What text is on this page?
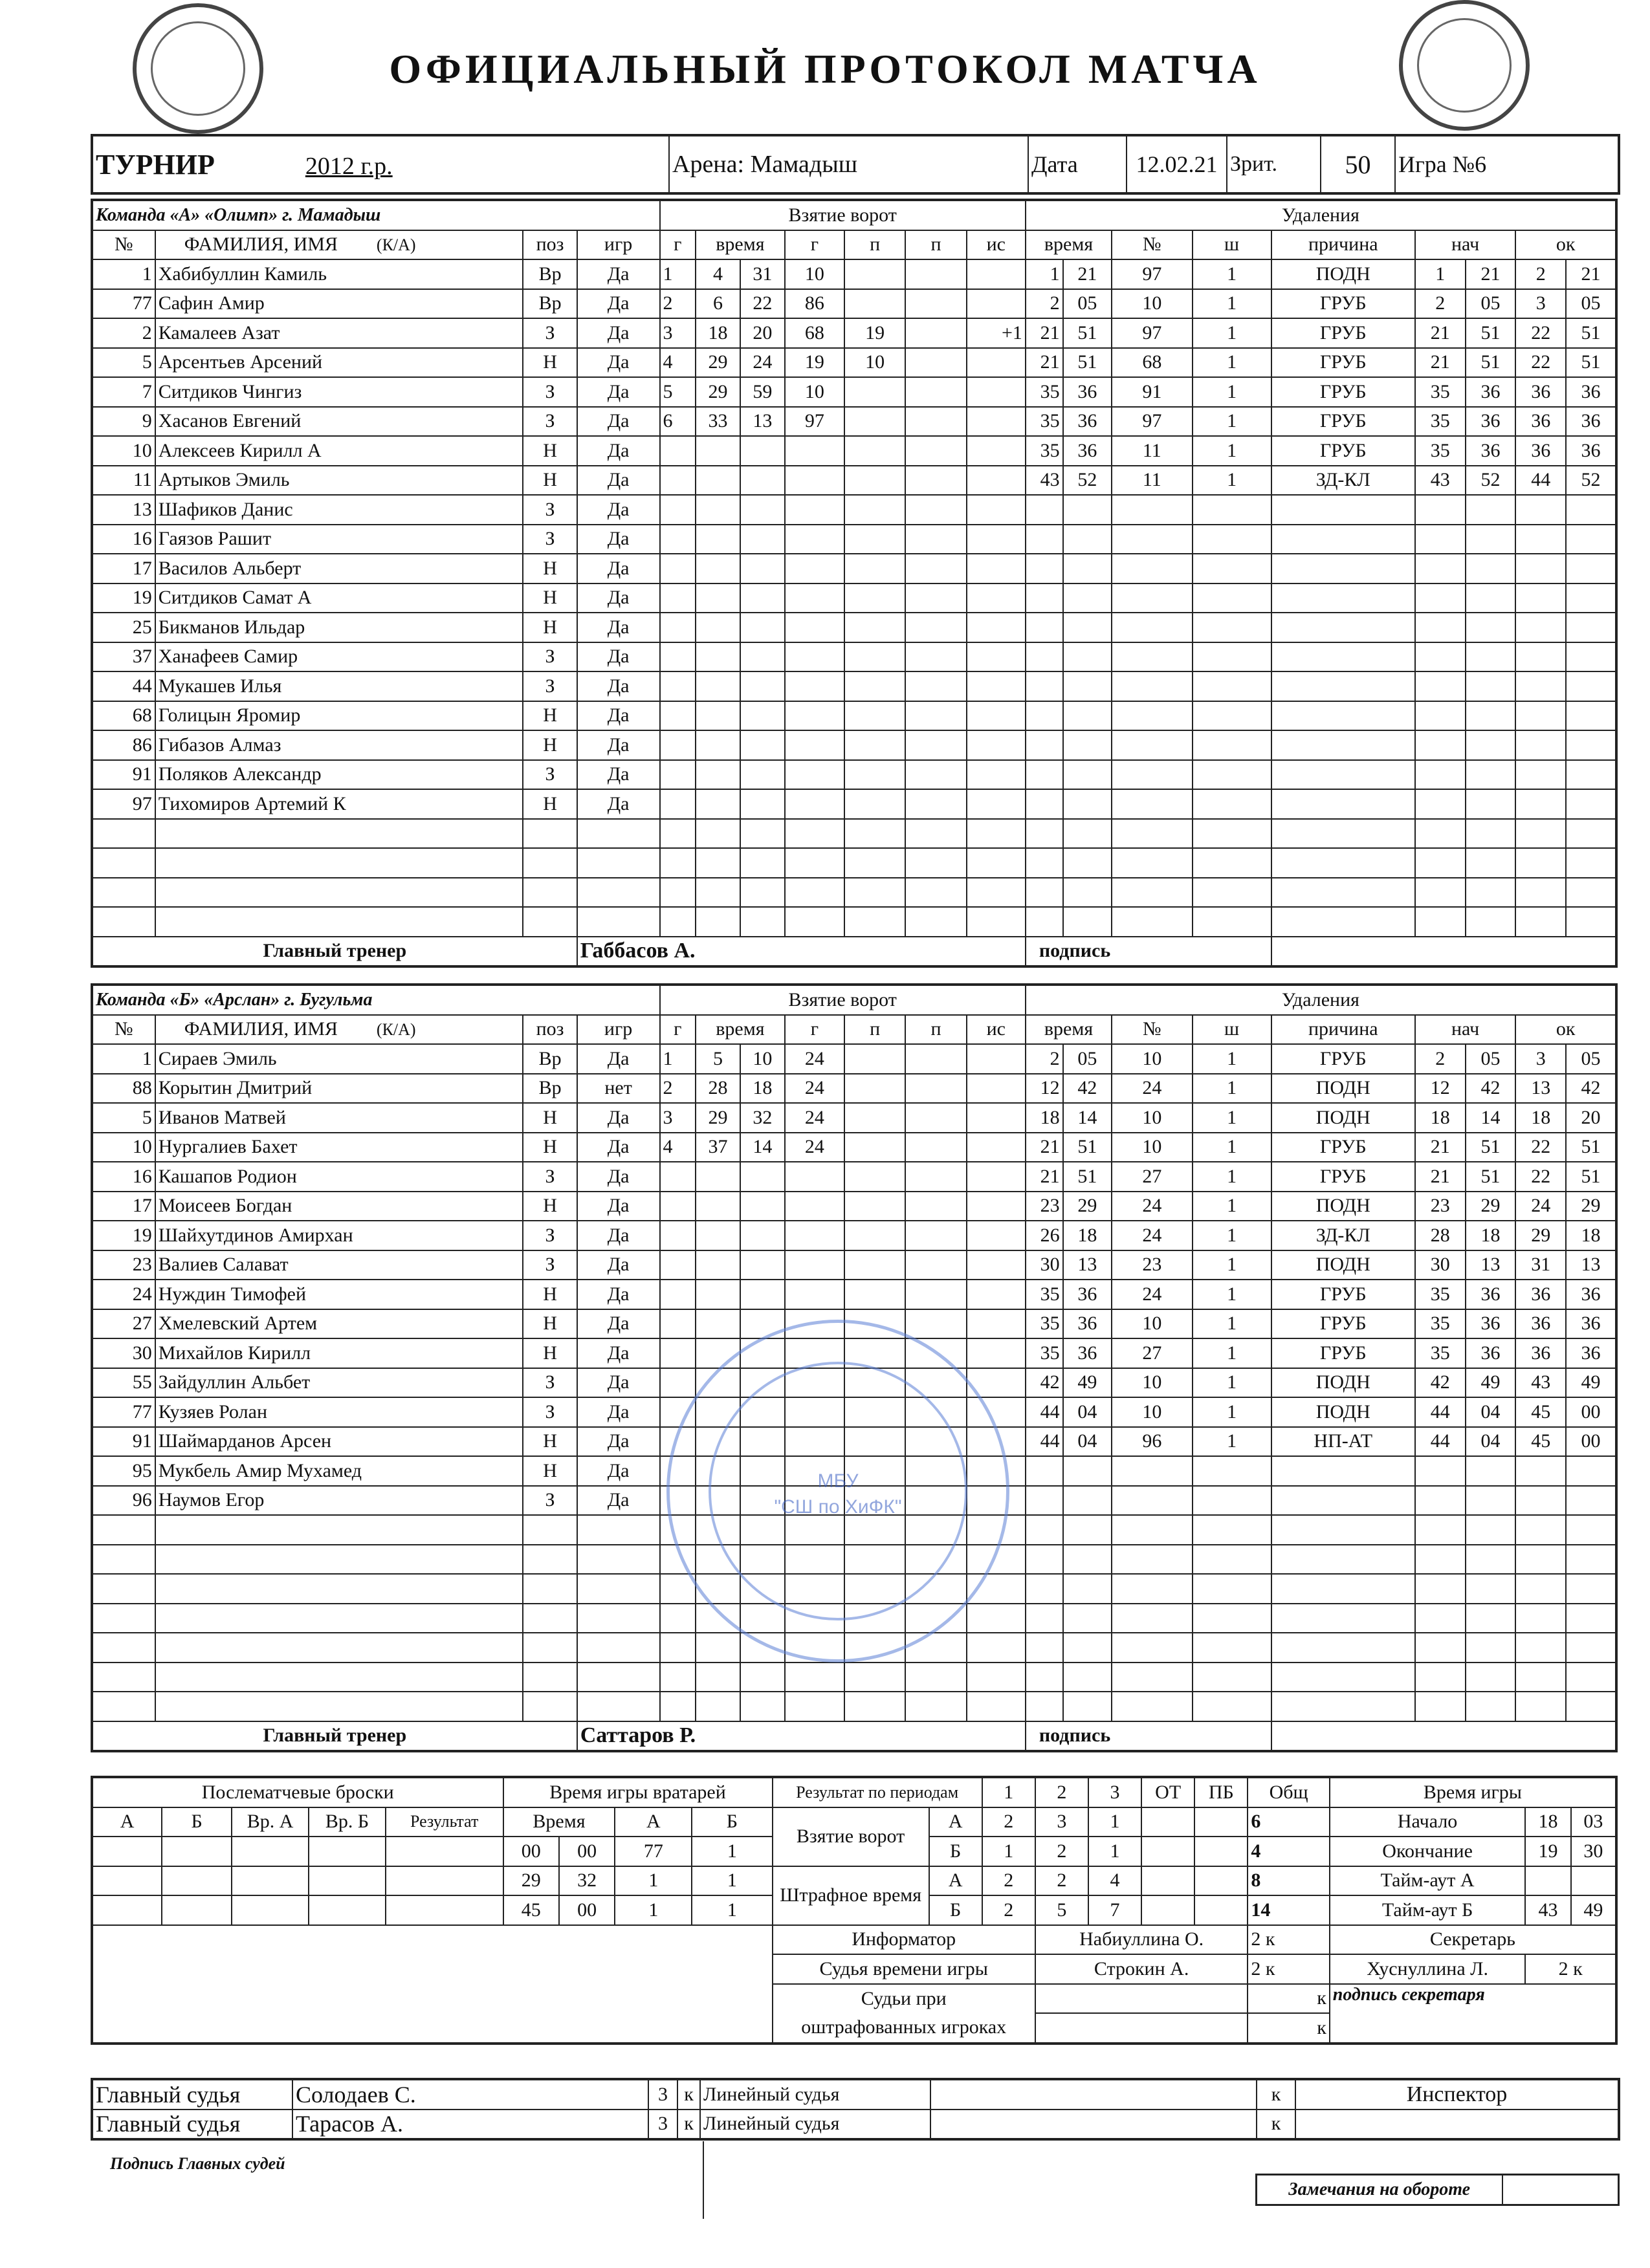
ОФИЦИАЛЬНЫЙ ПРОТОКОЛ МАТЧА
ТУРНИР	2012 г.р.	Арена: Мамадыш	Дата	12.02.21	Зрит.	50	Игра №6
Команда «А» «Олимп» г. Мамадыш				Взятие ворот							Удаления								
№	ФАМИЛИЯ, ИМЯ (К/А)	поз	игр	г	время		г	п	п	ис	время		№	ш	причина	нач		ок	
1	Хабибуллин Камиль	Вр	Да	1	4	31	10				1	21	97	1	ПОДН	1	21	2	21
77	Сафин Амир	Вр	Да	2	6	22	86				2	05	10	1	ГРУБ	2	05	3	05
2	Камалеев Азат	З	Да	3	18	20	68	19		+1	21	51	97	1	ГРУБ	21	51	22	51
5	Арсентьев Арсений	Н	Да	4	29	24	19	10			21	51	68	1	ГРУБ	21	51	22	51
7	Ситдиков Чингиз	З	Да	5	29	59	10				35	36	91	1	ГРУБ	35	36	36	36
9	Хасанов Евгений	З	Да	6	33	13	97				35	36	97	1	ГРУБ	35	36	36	36
10	Алексеев Кирилл А	Н	Да								35	36	11	1	ГРУБ	35	36	36	36
11	Артыков Эмиль	Н	Да								43	52	11	1	ЗД-КЛ	43	52	44	52
13	Шафиков Данис	З	Да																
16	Гаязов Рашит	З	Да																
17	Василов Альберт	Н	Да																
19	Ситдиков Самат А	Н	Да																
25	Бикманов Ильдар	Н	Да																
37	Ханафеев Самир	З	Да																
44	Мукашев Илья	З	Да																
68	Голицын Яромир	Н	Да																
86	Гибазов Алмаз	Н	Да																
91	Поляков Александр	З	Да																
97	Тихомиров Артемий К	Н	Да																

Главный тренер			Габбасов А.								подпись								
Команда «Б» «Арслан» г. Бугульма				Взятие ворот							Удаления								
№	ФАМИЛИЯ, ИМЯ (К/А)	поз	игр	г	время		г	п	п	ис	время		№	ш	причина	нач		ок	
1	Сираев Эмиль	Вр	Да	1	5	10	24				2	05	10	1	ГРУБ	2	05	3	05
88	Корытин Дмитрий	Вр	нет	2	28	18	24				12	42	24	1	ПОДН	12	42	13	42
5	Иванов Матвей	Н	Да	3	29	32	24				18	14	10	1	ПОДН	18	14	18	20
10	Нургалиев Бахет	Н	Да	4	37	14	24				21	51	10	1	ГРУБ	21	51	22	51
16	Кашапов Родион	З	Да								21	51	27	1	ГРУБ	21	51	22	51
17	Моисеев Богдан	Н	Да								23	29	24	1	ПОДН	23	29	24	29
19	Шайхутдинов Амирхан	З	Да								26	18	24	1	ЗД-КЛ	28	18	29	18
23	Валиев Салават	З	Да								30	13	23	1	ПОДН	30	13	31	13
24	Нуждин Тимофей	Н	Да								35	36	24	1	ГРУБ	35	36	36	36
27	Хмелевский Артем	Н	Да								35	36	10	1	ГРУБ	35	36	36	36
30	Михайлов Кирилл	Н	Да								35	36	27	1	ГРУБ	35	36	36	36
55	Зайдуллин Альбет	З	Да								42	49	10	1	ПОДН	42	49	43	49
77	Кузяев Ролан	З	Да								44	04	10	1	ПОДН	44	04	45	00
91	Шаймарданов Арсен	Н	Да								44	04	96	1	НП-АТ	44	04	45	00
95	Мукбель Амир Мухамед	Н	Да																
96	Наумов Егор	З	Да																

Главный тренер			Саттаров Р.								подпись								
МБУ
"СШ по ХиФК"
Послематчевые броски					Время игры вратарей				Результат по периодам		1	2	3	ОТ	ПБ	Общ	Время игры		
А	Б	Вр. А	Вр. Б	Результат	Время		А	Б	Взятие ворот	А	2	3	1			6	Начало	18	03
					00	00	77	1		Б	1	2	1			4	Окончание	19	30
					29	32	1	1	Штрафное время	А	2	2	4			8	Тайм-аут А		
					45	00	1	1		Б	2	5	7			14	Тайм-аут Б	43	49
									Информатор			Набиуллина О.				2 к	Секретарь		
									Судья времени игры			Строкин А.				2 к	Хуснуллина Л.	2 к	
									Судьи при							к	подпись секретаря		
									оштрафованных игроках							к			
Главный судья	Солодаев С.	3	к	Линейный судья		к	Инспектор
Главный судья	Тарасов А.	3	к	Линейный судья		к	
Подпись Главных судей
Замечания на обороте	
